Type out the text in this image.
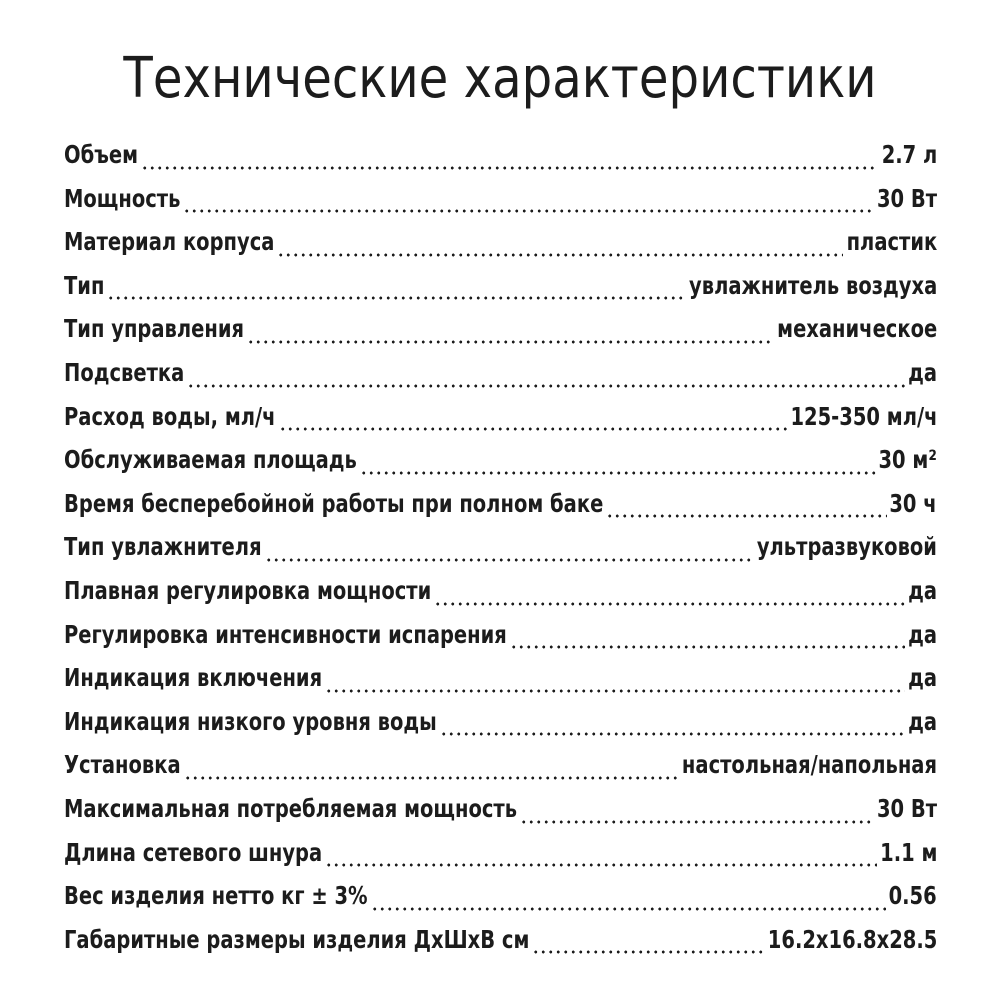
Технические характеристики
Объем	2.7 л
Мощность	30 Вт
Материал корпуса	пластик
Тип	увлажнитель воздуха
Тип управления	механическое
Подсветка	да
Расход воды, мл/ч	125-350 мл/ч
Обслуживаемая площадь	30 м²
Время бесперебойной работы при полном баке	30 ч
Тип увлажнителя	ультразвуковой
Плавная регулировка мощности	да
Регулировка интенсивности испарения	да
Индикация включения	да
Индикация низкого уровня воды	да
Установка	настольная/напольная
Максимальная потребляемая мощность	30 Вт
Длина сетевого шнура	1.1 м
Вес изделия нетто кг ± 3%	0.56
Габаритные размеры изделия ДхШхВ см	16.2x16.8x28.5
